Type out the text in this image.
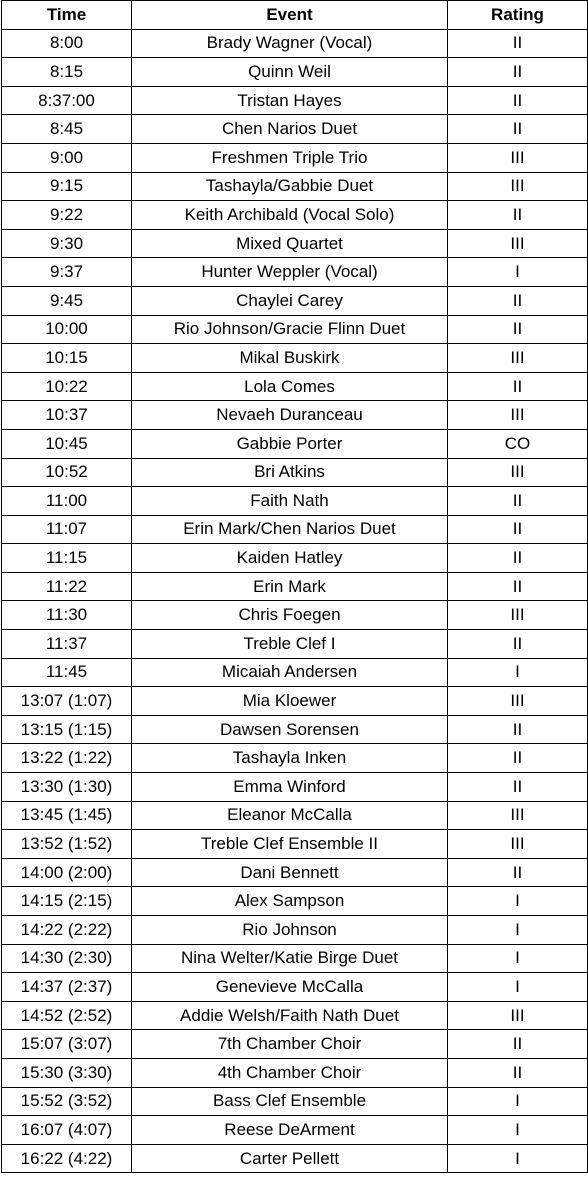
Time	Event	Rating
8:00	Brady Wagner (Vocal)	II
8:15	Quinn Weil	II
8:37:00	Tristan Hayes	II
8:45	Chen Narios Duet	II
9:00	Freshmen Triple Trio	III
9:15	Tashayla/Gabbie Duet	III
9:22	Keith Archibald (Vocal Solo)	II
9:30	Mixed Quartet	III
9:37	Hunter Weppler (Vocal)	I
9:45	Chaylei Carey	II
10:00	Rio Johnson/Gracie Flinn Duet	II
10:15	Mikal Buskirk	III
10:22	Lola Comes	II
10:37	Nevaeh Duranceau	III
10:45	Gabbie Porter	CO
10:52	Bri Atkins	III
11:00	Faith Nath	II
11:07	Erin Mark/Chen Narios Duet	II
11:15	Kaiden Hatley	II
11:22	Erin Mark	II
11:30	Chris Foegen	III
11:37	Treble Clef I	II
11:45	Micaiah Andersen	I
13:07 (1:07)	Mia Kloewer	III
13:15 (1:15)	Dawsen Sorensen	II
13:22 (1:22)	Tashayla Inken	II
13:30 (1:30)	Emma Winford	II
13:45 (1:45)	Eleanor McCalla	III
13:52 (1:52)	Treble Clef Ensemble II	III
14:00 (2:00)	Dani Bennett	II
14:15 (2:15)	Alex Sampson	I
14:22 (2:22)	Rio Johnson	I
14:30 (2:30)	Nina Welter/Katie Birge Duet	I
14:37 (2:37)	Genevieve McCalla	I
14:52 (2:52)	Addie Welsh/Faith Nath Duet	III
15:07 (3:07)	7th Chamber Choir	II
15:30 (3:30)	4th Chamber Choir	II
15:52 (3:52)	Bass Clef Ensemble	I
16:07 (4:07)	Reese DeArment	I
16:22 (4:22)	Carter Pellett	I
